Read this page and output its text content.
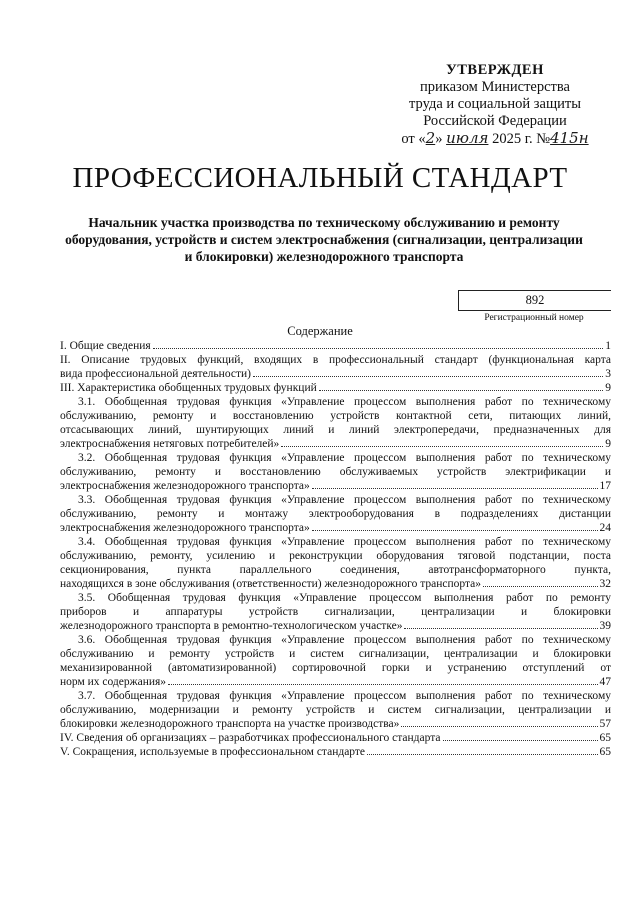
УТВЕРЖДЕН
приказом Министерства
труда и социальной защиты
Российской Федерации
от «2» июля 2025 г. №415н
ПРОФЕССИОНАЛЬНЫЙ СТАНДАРТ
Начальник участка производства по техническому обслуживанию и ремонту оборудования, устройств и систем электроснабжения (сигнализации, централизации и блокировки) железнодорожного транспорта
892
Регистрационный номер
Содержание
I. Общие сведения	1
II. Описание трудовых функций, входящих в профессиональный стандарт (функциональная карта
вида профессиональной деятельности)	3
III. Характеристика обобщенных трудовых функций	9
3.1. Обобщенная трудовая функция «Управление процессом выполнения работ по техническому
обслуживанию, ремонту и восстановлению устройств контактной сети, питающих линий,
отсасывающих линий, шунтирующих линий и линий электропередачи, предназначенных для
электроснабжения нетяговых потребителей»	9
3.2. Обобщенная трудовая функция «Управление процессом выполнения работ по техническому
обслуживанию, ремонту и восстановлению обслуживаемых устройств электрификации и
электроснабжения железнодорожного транспорта»	17
3.3. Обобщенная трудовая функция «Управление процессом выполнения работ по техническому
обслуживанию, ремонту и монтажу электрооборудования в подразделениях дистанции
электроснабжения железнодорожного транспорта»	24
3.4. Обобщенная трудовая функция «Управление процессом выполнения работ по техническому
обслуживанию, ремонту, усилению и реконструкции оборудования тяговой подстанции, поста
секционирования, пункта параллельного соединения, автотрансформаторного пункта,
находящихся в зоне обслуживания (ответственности) железнодорожного транспорта»	32
3.5. Обобщенная трудовая функция «Управление процессом выполнения работ по ремонту
приборов и аппаратуры устройств сигнализации, централизации и блокировки
железнодорожного транспорта в ремонтно-технологическом участке»	39
3.6. Обобщенная трудовая функция «Управление процессом выполнения работ по техническому
обслуживанию и ремонту устройств и систем сигнализации, централизации и блокировки
механизированной (автоматизированной) сортировочной горки и устранению отступлений от
норм их содержания»	47
3.7. Обобщенная трудовая функция «Управление процессом выполнения работ по техническому
обслуживанию, модернизации и ремонту устройств и систем сигнализации, централизации и
блокировки железнодорожного транспорта на участке производства»	57
IV. Сведения об организациях – разработчиках профессионального стандарта	65
V. Сокращения, используемые в профессиональном стандарте	65
